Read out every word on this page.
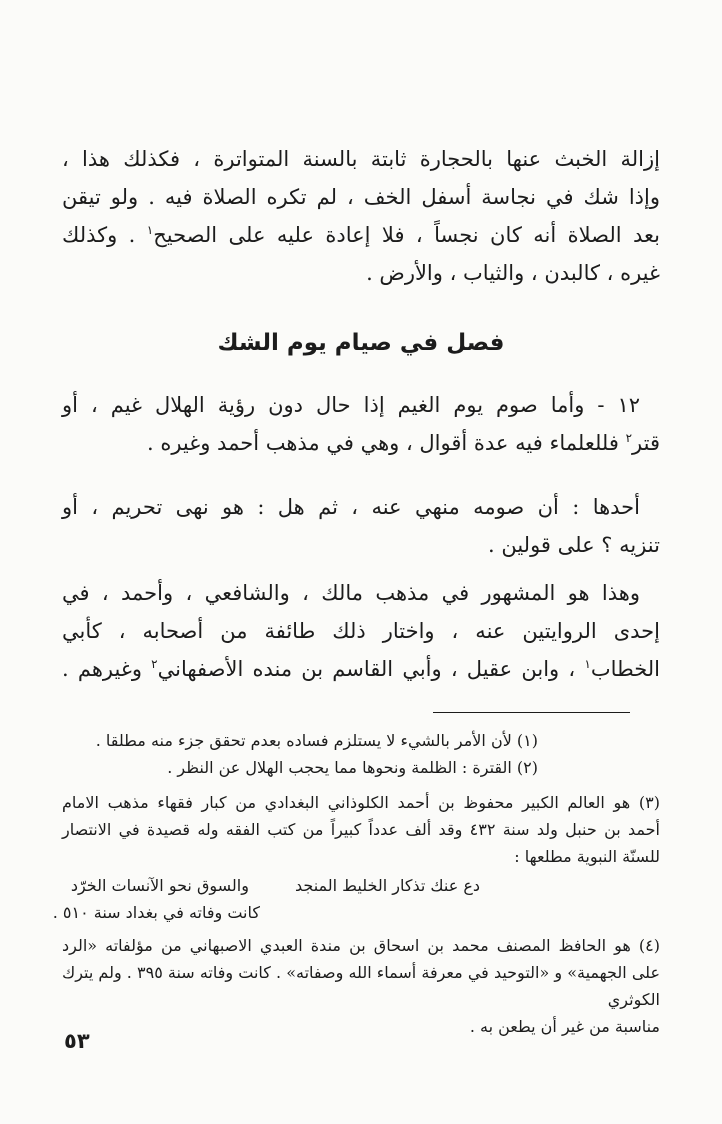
إزالة الخبث عنها بالحجارة ثابتة بالسنة المتواترة ، فكذلك هذا ،
وإذا شك في نجاسة أسفل الخف ، لم تكره الصلاة فيه . ولو تيقن
بعد الصلاة أنه كان نجساً ، فلا إعادة عليه على الصحيح$^١$ . وكذلك
غيره ، كالبدن ، والثياب ، والأرض .
فصل في صيام يوم الشك
١٢ - وأما صوم يوم الغيم إذا حال دون رؤية الهلال غيم ، أو
قتر$^٢$ فللعلماء فيه عدة أقوال ، وهي في مذهب أحمد وغيره .
أحدها : أن صومه منهي عنه ، ثم هل : هو نهى تحريم ، أو
تنزيه ؟ على قولين .
وهذا هو المشهور في مذهب مالك ، والشافعي ، وأحمد ، في
إحدى الروايتين عنه ، واختار ذلك طائفة من أصحابه ، كأبي
الخطاب$^١$ ، وابن عقيل ، وأبي القاسم بن منده الأصفهاني$^٢$ وغيرهم .
(١) لأن الأمر بالشيء لا يستلزم فساده بعدم تحقق جزء منه مطلقا .
(٢) القترة : الظلمة ونحوها مما يحجب الهلال عن النظر .
(٣) هو العالم الكبير محفوظ بن أحمد الكلوذاني البغدادي من كبار فقهاء مذهب الامام
أحمد بن حنبل ولد سنة ٤٣٢ وقد ألف عدداً كبيراً من كتب الفقه وله قصيدة في الانتصار
للسنّة النبوية مطلعها :
دع عنك تذكار الخليط المنجد
والسوق نحو الآنسات الخرّد
كانت وفاته في بغداد سنة ٥١٠ .
(٤) هو الحافظ المصنف محمد بن اسحاق بن مندة العبدي الاصبهاني من مؤلفاته «الرد
على الجهمية» و «التوحيد في معرفة أسماء الله وصفاته» . كانت وفاته سنة ٣٩٥ . ولم يترك الكوثري
مناسبة من غير أن يطعن به .
٥٣
